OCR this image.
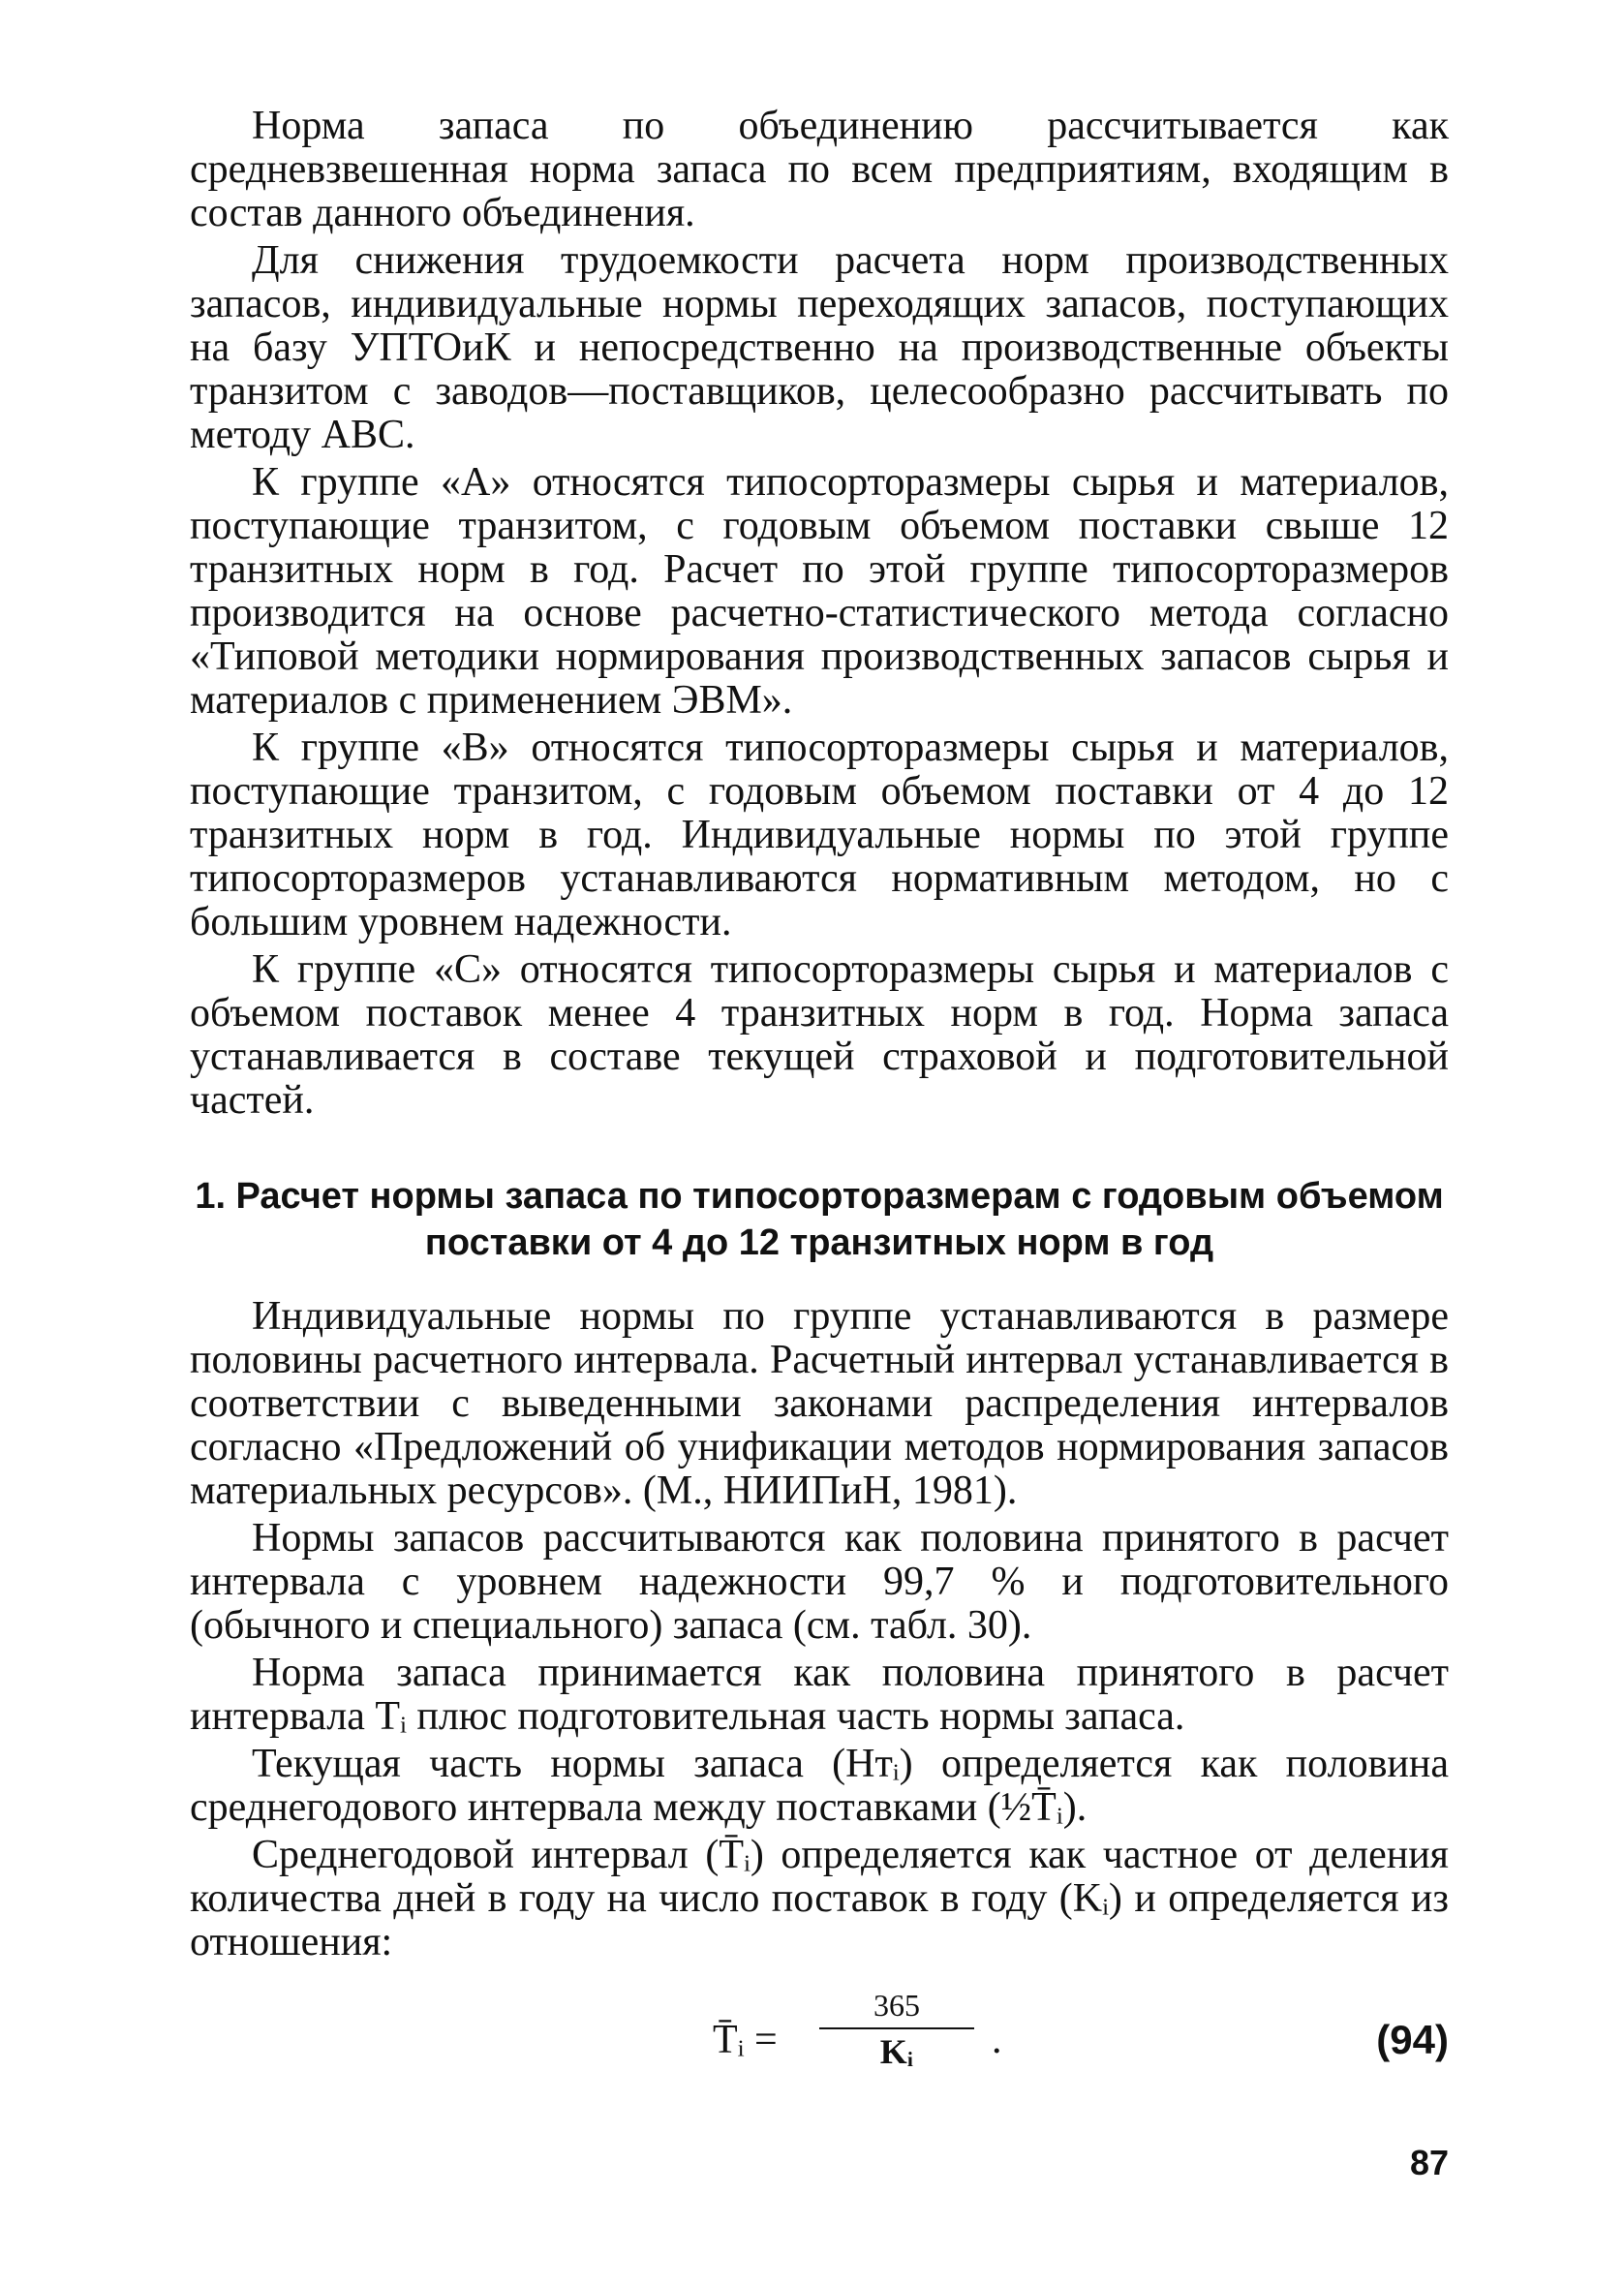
Норма запаса по объединению рассчитывается как средневзвешенная норма запаса по всем предприятиям, входящим в состав данного объединения.

Для снижения трудоемкости расчета норм производственных запасов, индивидуальные нормы переходящих запасов, поступающих на базу УПТОиК и непосредственно на производственные объекты транзитом с заводов—поставщиков, целесообразно рассчитывать по методу ABC.

К группе «А» относятся типосорторазмеры сырья и материалов, поступающие транзитом, с годовым объемом поставки свыше 12 транзитных норм в год. Расчет по этой группе типосорторазмеров производится на основе расчетно-статистического метода согласно «Типовой методики нормирования производственных запасов сырья и материалов с применением ЭВМ».

К группе «В» относятся типосорторазмеры сырья и материалов, поступающие транзитом, с годовым объемом поставки от 4 до 12 транзитных норм в год. Индивидуальные нормы по этой группе типосорторазмеров устанавливаются нормативным методом, но с большим уровнем надежности.

К группе «С» относятся типосорторазмеры сырья и материалов с объемом поставок менее 4 транзитных норм в год. Норма запаса устанавливается в составе текущей страховой и подготовительной частей.

1. Расчет нормы запаса по типосорторазмерам с годовым объемом поставки от 4 до 12 транзитных норм в год

Индивидуальные нормы по группе устанавливаются в размере половины расчетного интервала. Расчетный интервал устанавливается в соответствии с выведенными законами распределения интервалов согласно «Предложений об унификации методов нормирования запасов материальных ресурсов». (М., НИИПиН, 1981).

Нормы запасов рассчитываются как половина принятого в расчет интервала с уровнем надежности 99,7 % и подготовительного (обычного и специального) запаса (см. табл. 30).

Норма запаса принимается как половина принятого в расчет интервала Tᵢ плюс подготовительная часть нормы запаса.

Текущая часть нормы запаса (Hтᵢ) определяется как половина среднегодового интервала между поставками (½T̄ᵢ).

Среднегодовой интервал (T̄ᵢ) определяется как частное от деления количества дней в году на число поставок в году (Kᵢ) и определяется из отношения:

T̄ᵢ = $\frac{365}{\text{Kᵢ}}$ .	(94)
87
